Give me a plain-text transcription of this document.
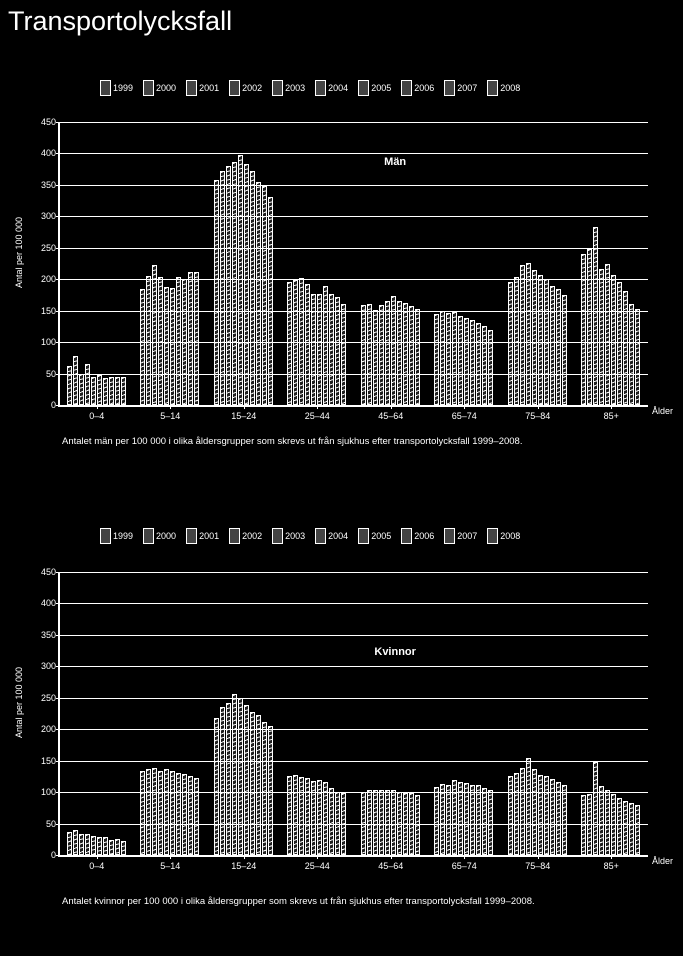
Transportolycksfall
1999	2000	2001	2002	2003	2004	2005	2006	2007	2008
Antal per 100 000
0
50
100
150
200
250
300
350
400
450
0–4	5–14	15–24	25–44	45–64	65–74	75–84	85+
Män
Ålder
Antalet män per 100 000 i olika åldersgrupper som skrevs ut från sjukhus efter transportolycksfall 1999–2008.
1999	2000	2001	2002	2003	2004	2005	2006	2007	2008
Antal per 100 000
0
50
100
150
200
250
300
350
400
450
0–4	5–14	15–24	25–44	45–64	65–74	75–84	85+
Kvinnor
Ålder
Antalet kvinnor per 100 000 i olika åldersgrupper som skrevs ut från sjukhus efter transportolycksfall 1999–2008.
